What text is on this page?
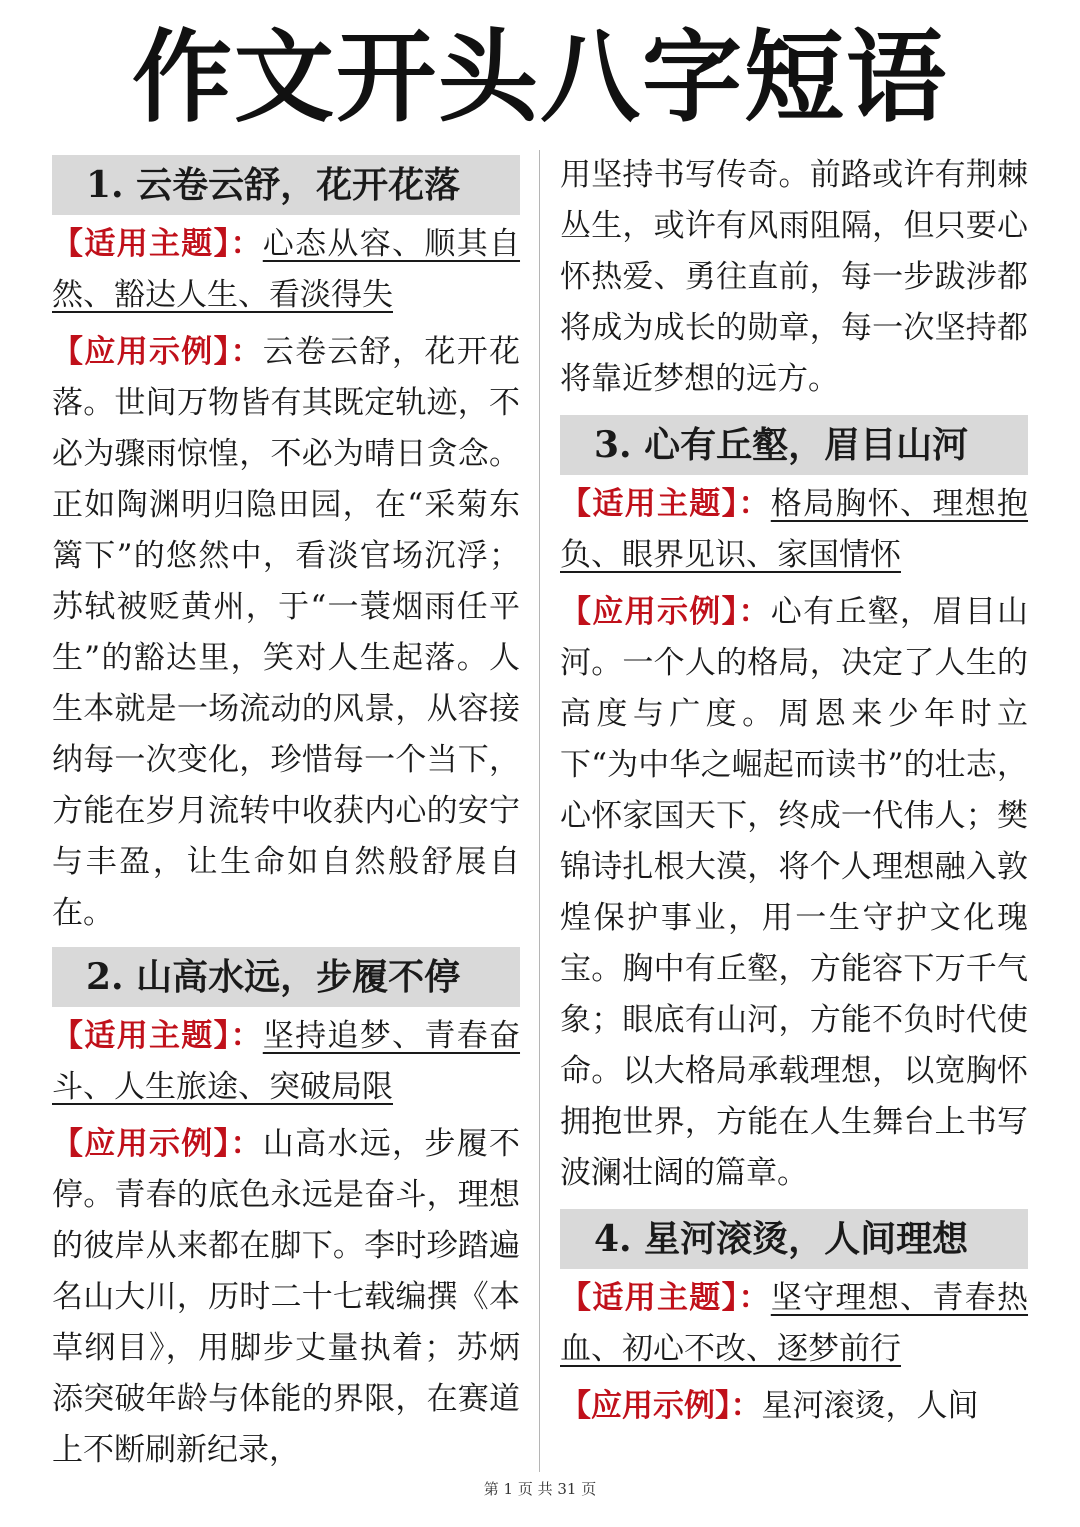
作文开头八字短语
1. 云卷云舒，花开花落

【适用主题】：心态从容、顺其自然、豁达人生、看淡得失

【应用示例】：云卷云舒，花开花落。世间万物皆有其既定轨迹，不必为骤雨惊惶，不必为晴日贪念。正如陶渊明归隐田园，在“采菊东篱下”的悠然中，看淡官场沉浮；苏轼被贬黄州，于“一蓑烟雨任平生”的豁达里，笑对人生起落。人生本就是一场流动的风景，从容接纳每一次变化，珍惜每一个当下，方能在岁月流转中收获内心的安宁与丰盈，让生命如自然般舒展自在。

2. 山高水远，步履不停

【适用主题】：坚持追梦、青春奋斗、人生旅途、突破局限

【应用示例】：山高水远，步履不停。青春的底色永远是奋斗，理想的彼岸从来都在脚下。李时珍踏遍名山大川，历时二十七载编撰《本草纲目》，用脚步丈量执着；苏炳添突破年龄与体能的界限，在赛道上不断刷新纪录，

用坚持书写传奇。前路或许有荆棘丛生，或许有风雨阻隔，但只要心怀热爱、勇往直前，每一步跋涉都将成为成长的勋章，每一次坚持都将靠近梦想的远方。

3. 心有丘壑，眉目山河

【适用主题】：格局胸怀、理想抱负、眼界见识、家国情怀

【应用示例】：心有丘壑，眉目山河。一个人的格局，决定了人生的高度与广度。周恩来少年时立下“为中华之崛起而读书”的壮志，心怀家国天下，终成一代伟人；樊锦诗扎根大漠，将个人理想融入敦煌保护事业，用一生守护文化瑰宝。胸中有丘壑，方能容下万千气象；眼底有山河，方能不负时代使命。以大格局承载理想，以宽胸怀拥抱世界，方能在人生舞台上书写波澜壮阔的篇章。

4. 星河滚烫，人间理想

【适用主题】：坚守理想、青春热血、初心不改、逐梦前行

【应用示例】：星河滚烫，人间

第 1 页 共 31 页
